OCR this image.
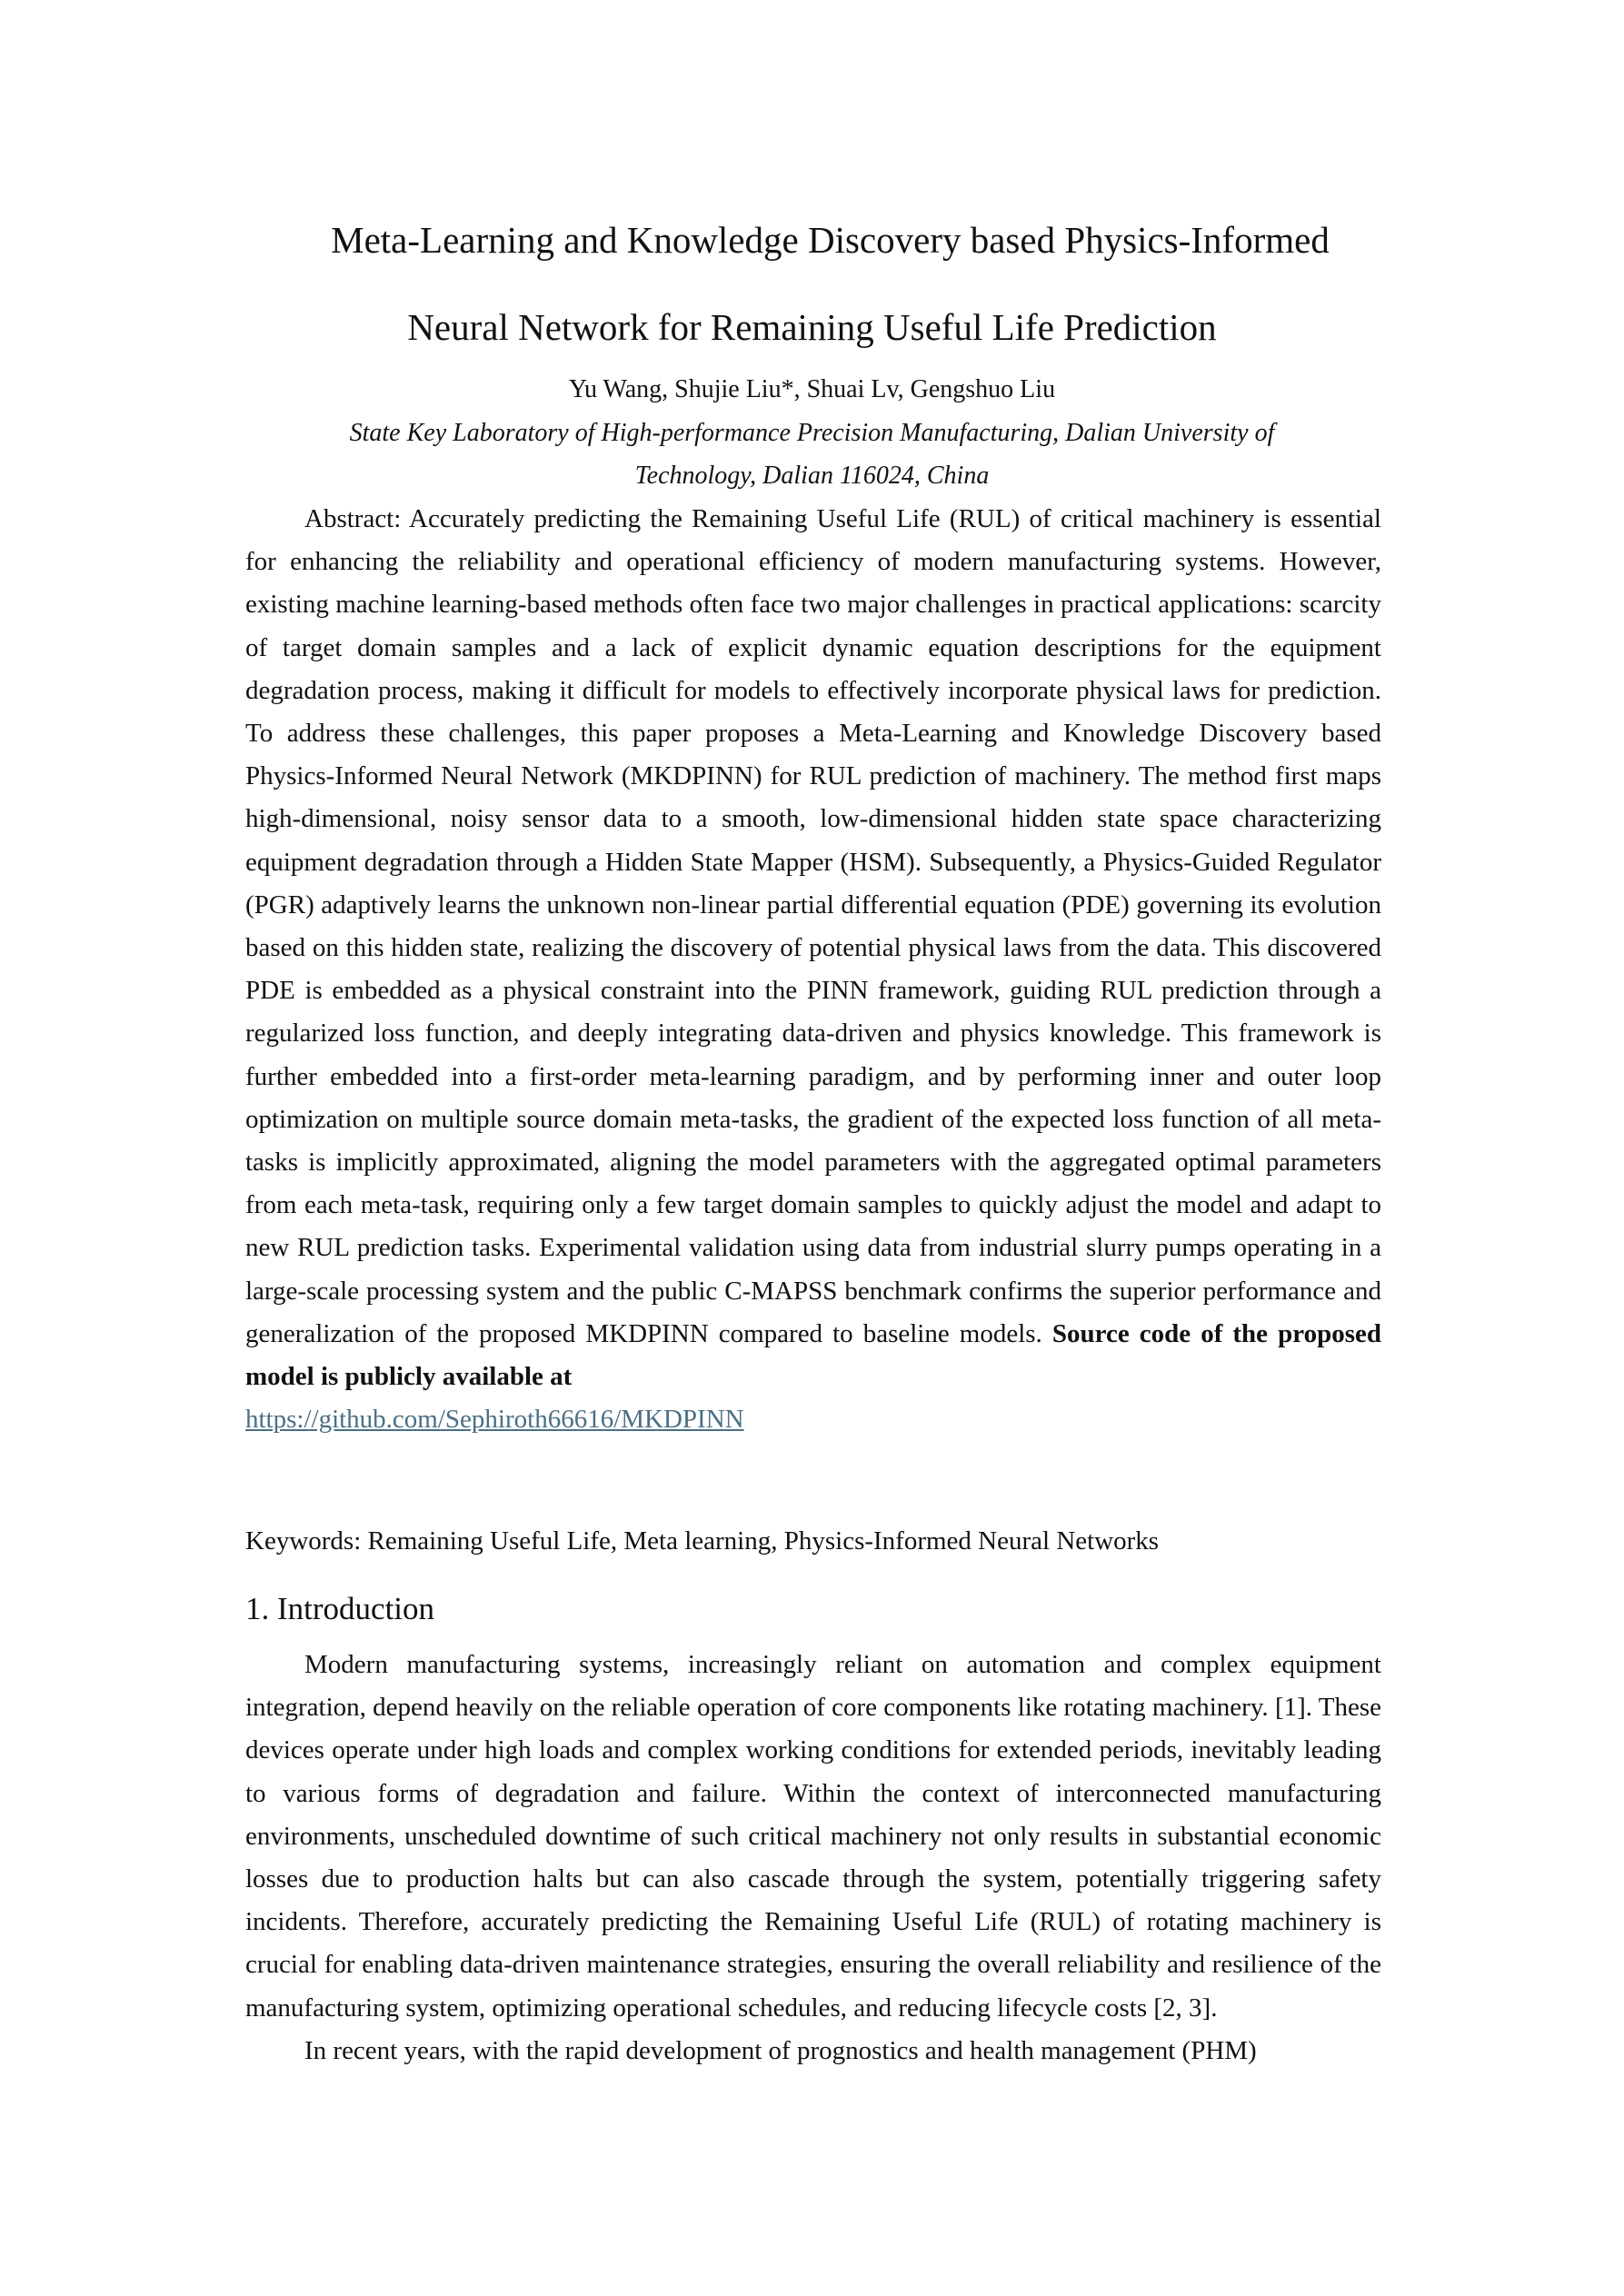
Meta-Learning and Knowledge Discovery based Physics-Informed
Neural Network for Remaining Useful Life Prediction
Yu Wang, Shujie Liu*, Shuai Lv, Gengshuo Liu
State Key Laboratory of High-performance Precision Manufacturing, Dalian University of
Technology, Dalian 116024, China

Abstract: Accurately predicting the Remaining Useful Life (RUL) of critical machinery is essential for enhancing the reliability and operational efficiency of modern manufacturing systems. However, existing machine learning-based methods often face two major challenges in practical applications: scarcity of target domain samples and a lack of explicit dynamic equation descriptions for the equipment degradation process, making it difficult for models to effectively incorporate physical laws for prediction. To address these challenges, this paper proposes a Meta-Learning and Knowledge Discovery based Physics-Informed Neural Network (MKDPINN) for RUL prediction of machinery. The method first maps high-dimensional, noisy sensor data to a smooth, low-dimensional hidden state space characterizing equipment degradation through a Hidden State Mapper (HSM). Subsequently, a Physics-Guided Regulator (PGR) adaptively learns the unknown non-linear partial differential equation (PDE) governing its evolution based on this hidden state, realizing the discovery of potential physical laws from the data. This discovered PDE is embedded as a physical constraint into the PINN framework, guiding RUL prediction through a regularized loss function, and deeply integrating data-driven and physics knowledge. This framework is further embedded into a first-order meta-learning paradigm, and by performing inner and outer loop optimization on multiple source domain meta-tasks, the gradient of the expected loss function of all meta-tasks is implicitly approximated, aligning the model parameters with the aggregated optimal parameters from each meta-task, requiring only a few target domain samples to quickly adjust the model and adapt to new RUL prediction tasks. Experimental validation using data from industrial slurry pumps operating in a large-scale processing system and the public C-MAPSS benchmark confirms the superior performance and generalization of the proposed MKDPINN compared to baseline models. Source code of the proposed model is publicly available at
https://github.com/Sephiroth66616/MKDPINN

Keywords: Remaining Useful Life, Meta learning, Physics-Informed Neural Networks
1. Introduction

Modern manufacturing systems, increasingly reliant on automation and complex equipment integration, depend heavily on the reliable operation of core components like rotating machinery. [1]. These devices operate under high loads and complex working conditions for extended periods, inevitably leading to various forms of degradation and failure. Within the context of interconnected manufacturing environments, unscheduled downtime of such critical machinery not only results in substantial economic losses due to production halts but can also cascade through the system, potentially triggering safety incidents. Therefore, accurately predicting the Remaining Useful Life (RUL) of rotating machinery is crucial for enabling data-driven maintenance strategies, ensuring the overall reliability and resilience of the manufacturing system, optimizing operational schedules, and reducing lifecycle costs [2, 3].

In recent years, with the rapid development of prognostics and health management (PHM)
